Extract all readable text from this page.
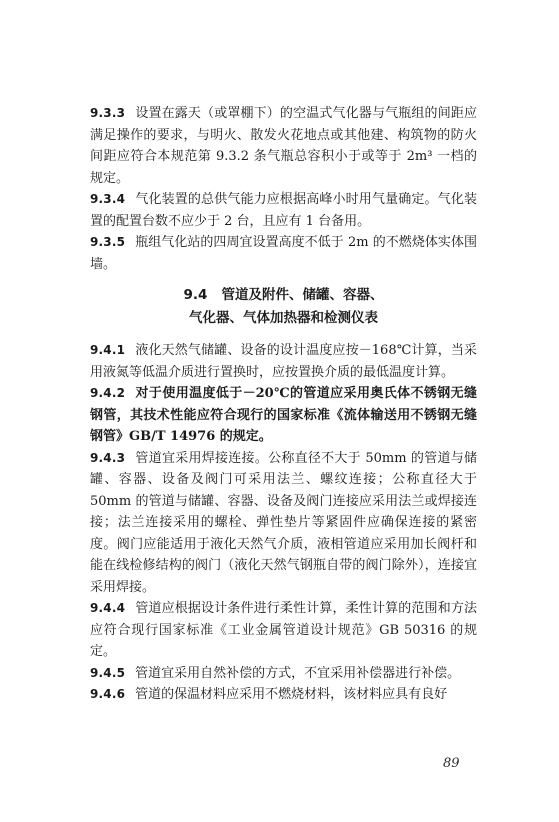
9.3.3 设置在露天（或罩棚下）的空温式气化器与气瓶组的间距应满足操作的要求，与明火、散发火花地点或其他建、构筑物的防火间距应符合本规范第 9.3.2 条气瓶总容积小于或等于 2m³ 一档的规定。

9.3.4 气化装置的总供气能力应根据高峰小时用气量确定。气化装置的配置台数不应少于 2 台，且应有 1 台备用。

9.3.5 瓶组气化站的四周宜设置高度不低于 2m 的不燃烧体实体围墙。

9.4 管道及附件、储罐、容器、
气化器、气体加热器和检测仪表

9.4.1 液化天然气储罐、设备的设计温度应按－168℃计算，当采用液氮等低温介质进行置换时，应按置换介质的最低温度计算。

9.4.2 对于使用温度低于－20℃的管道应采用奥氏体不锈钢无缝钢管，其技术性能应符合现行的国家标准《流体输送用不锈钢无缝钢管》GB/T 14976 的规定。

9.4.3 管道宜采用焊接连接。公称直径不大于 50mm 的管道与储罐、容器、设备及阀门可采用法兰、螺纹连接；公称直径大于 50mm 的管道与储罐、容器、设备及阀门连接应采用法兰或焊接连接；法兰连接采用的螺栓、弹性垫片等紧固件应确保连接的紧密度。阀门应能适用于液化天然气介质，液相管道应采用加长阀杆和能在线检修结构的阀门（液化天然气钢瓶自带的阀门除外），连接宜采用焊接。

9.4.4 管道应根据设计条件进行柔性计算，柔性计算的范围和方法应符合现行国家标准《工业金属管道设计规范》GB 50316 的规定。

9.4.5 管道宜采用自然补偿的方式，不宜采用补偿器进行补偿。

9.4.6 管道的保温材料应采用不燃烧材料，该材料应具有良好

89
